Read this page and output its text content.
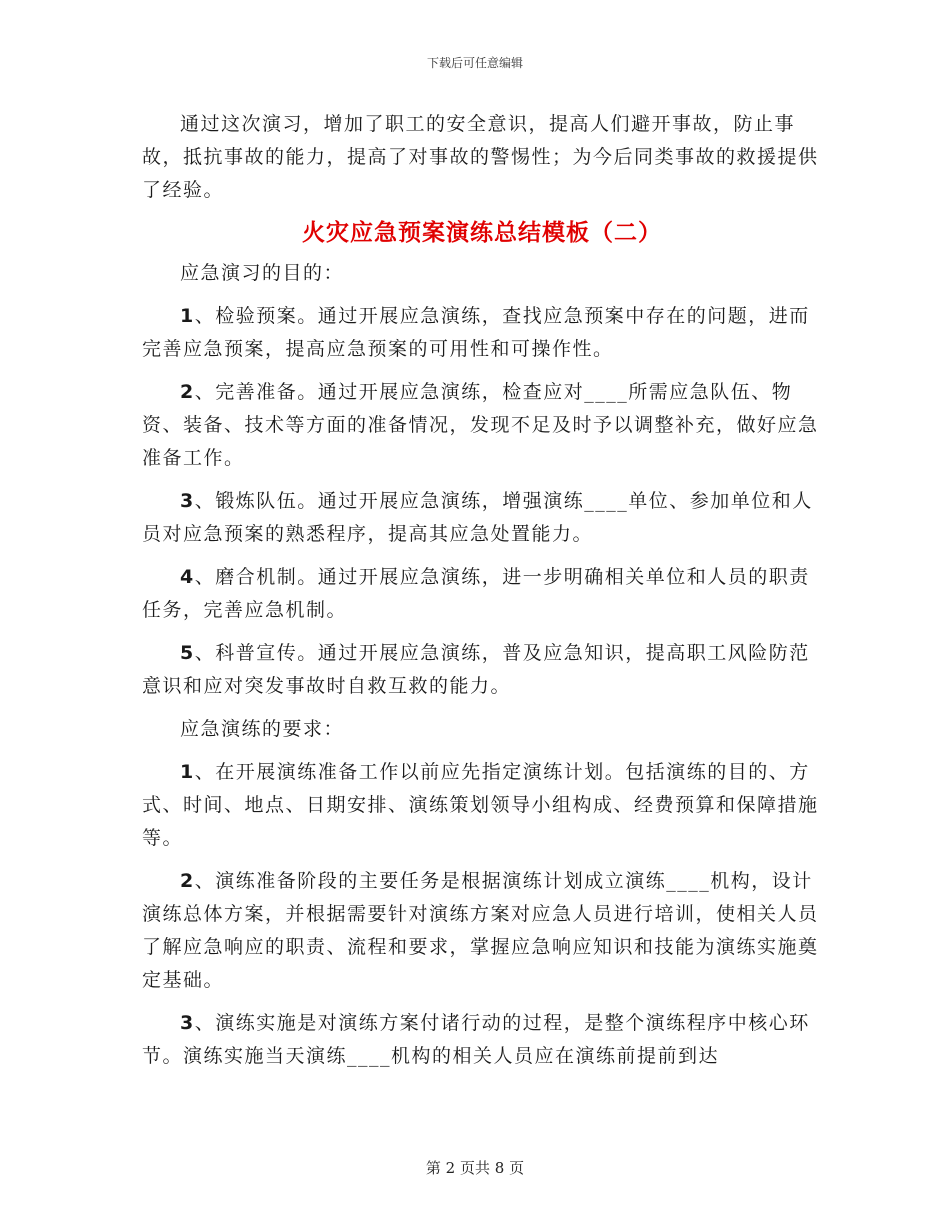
下载后可任意编辑

通过这次演习，增加了职工的安全意识，提高人们避开事故，防止事故，抵抗事故的能力，提高了对事故的警惕性；为今后同类事故的救援提供了经验。

火灾应急预案演练总结模板（二）

应急演习的目的：

1、检验预案。通过开展应急演练，查找应急预案中存在的问题，进而完善应急预案，提高应急预案的可用性和可操作性。

2、完善准备。通过开展应急演练，检查应对____所需应急队伍、物资、装备、技术等方面的准备情况，发现不足及时予以调整补充，做好应急准备工作。

3、锻炼队伍。通过开展应急演练，增强演练____单位、参加单位和人员对应急预案的熟悉程序，提高其应急处置能力。

4、磨合机制。通过开展应急演练，进一步明确相关单位和人员的职责任务，完善应急机制。

5、科普宣传。通过开展应急演练，普及应急知识，提高职工风险防范意识和应对突发事故时自救互救的能力。

应急演练的要求：

1、在开展演练准备工作以前应先指定演练计划。包括演练的目的、方式、时间、地点、日期安排、演练策划领导小组构成、经费预算和保障措施等。

2、演练准备阶段的主要任务是根据演练计划成立演练____机构，设计演练总体方案，并根据需要针对演练方案对应急人员进行培训，使相关人员了解应急响应的职责、流程和要求，掌握应急响应知识和技能为演练实施奠定基础。

3、演练实施是对演练方案付诸行动的过程，是整个演练程序中核心环节。演练实施当天演练____机构的相关人员应在演练前提前到达

第 2 页共 8 页
